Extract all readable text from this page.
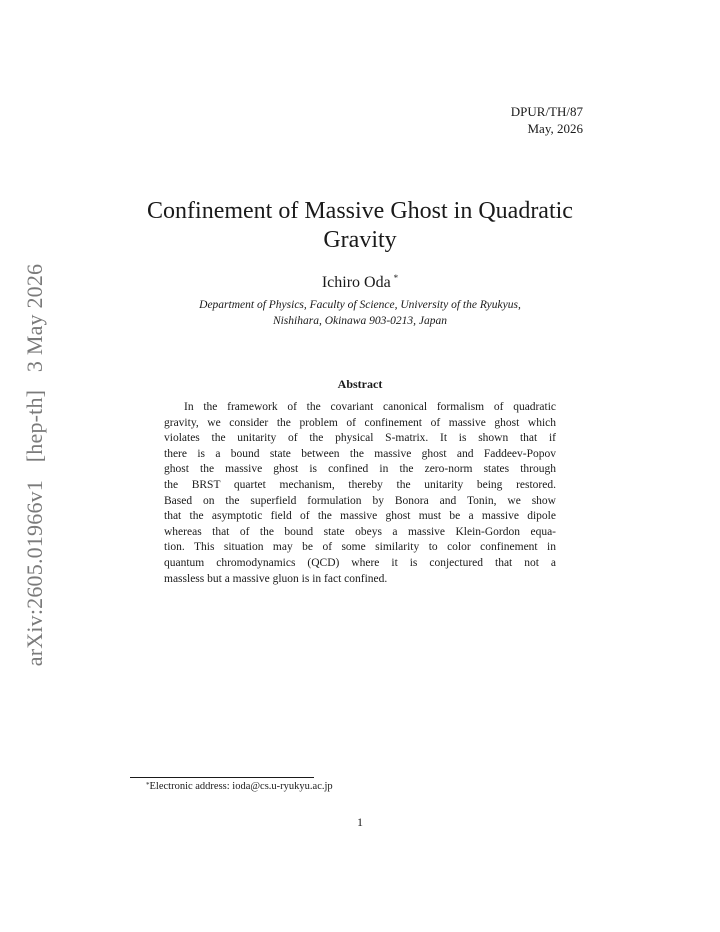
DPUR/TH/87
May, 2026
arXiv:2605.01966v1 [hep-th] 3 May 2026
Confinement of Massive Ghost in Quadratic
Gravity
Ichiro Oda *
Department of Physics, Faculty of Science, University of the Ryukyus,
Nishihara, Okinawa 903-0213, Japan
Abstract
In the framework of the covariant canonical formalism of quadratic
gravity, we consider the problem of confinement of massive ghost which
violates the unitarity of the physical S-matrix. It is shown that if
there is a bound state between the massive ghost and Faddeev-Popov
ghost the massive ghost is confined in the zero-norm states through
the BRST quartet mechanism, thereby the unitarity being restored.
Based on the superfield formulation by Bonora and Tonin, we show
that the asymptotic field of the massive ghost must be a massive dipole
whereas that of the bound state obeys a massive Klein-Gordon equa-
tion. This situation may be of some similarity to color confinement in
quantum chromodynamics (QCD) where it is conjectured that not a
massless but a massive gluon is in fact confined.
*Electronic address: ioda@cs.u-ryukyu.ac.jp
1
